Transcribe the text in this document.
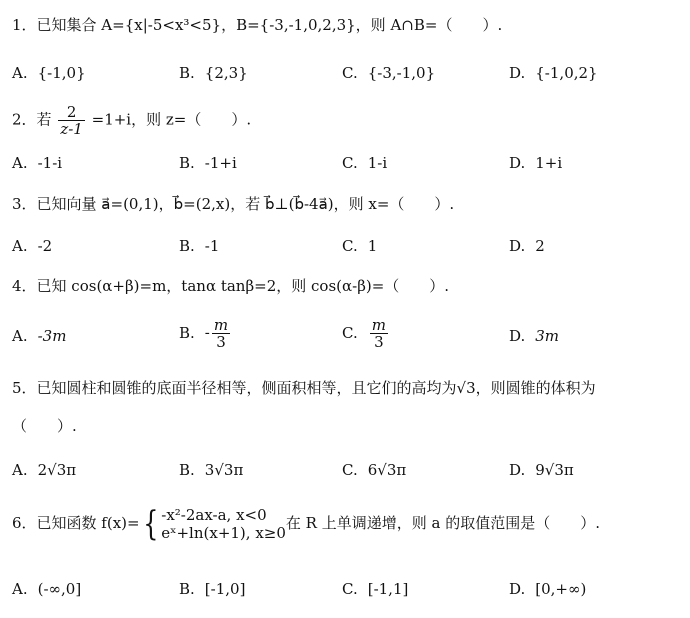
1．已知集合 A={x|-5<x³<5}，B={-3,-1,0,2,3}，则 A∩B=（　　）.
A. {-1,0}	B. {2,3}	C. {-3,-1,0}	D. {-1,0,2}
2．若 $\frac{2}{z-1} =1+i$，则 z=（　　）.
A. -1-i	B. -1+i	C. 1-i	D. 1+i
3．已知向量 a⃗=(0,1)，b⃗=(2,x)，若 b⃗⊥(b⃗-4a⃗)，则 x=（　　）.
A. -2	B. -1	C. 1	D. 2
4．已知 cos(α+β)=m，tanα tanβ=2，则 cos(α-β)=（　　）.
A. -3m	B. - $\frac{m}{3}$	C. $\frac{m}{3}$	D. 3m
5．已知圆柱和圆锥的底面半径相等，侧面积相等，且它们的高均为√3，则圆锥的体积为
（　　）.
A. 2√3π	B. 3√3π	C. 6√3π	D. 9√3π
6．已知函数 f(x)={ -x²-2ax-a, x<0
eˣ+ln(x+1), x≥0
在 R 上单调递增，则 a 的取值范围是（　　）.
A. (-∞,0]	B. [-1,0]	C. [-1,1]	D. [0,+∞)
